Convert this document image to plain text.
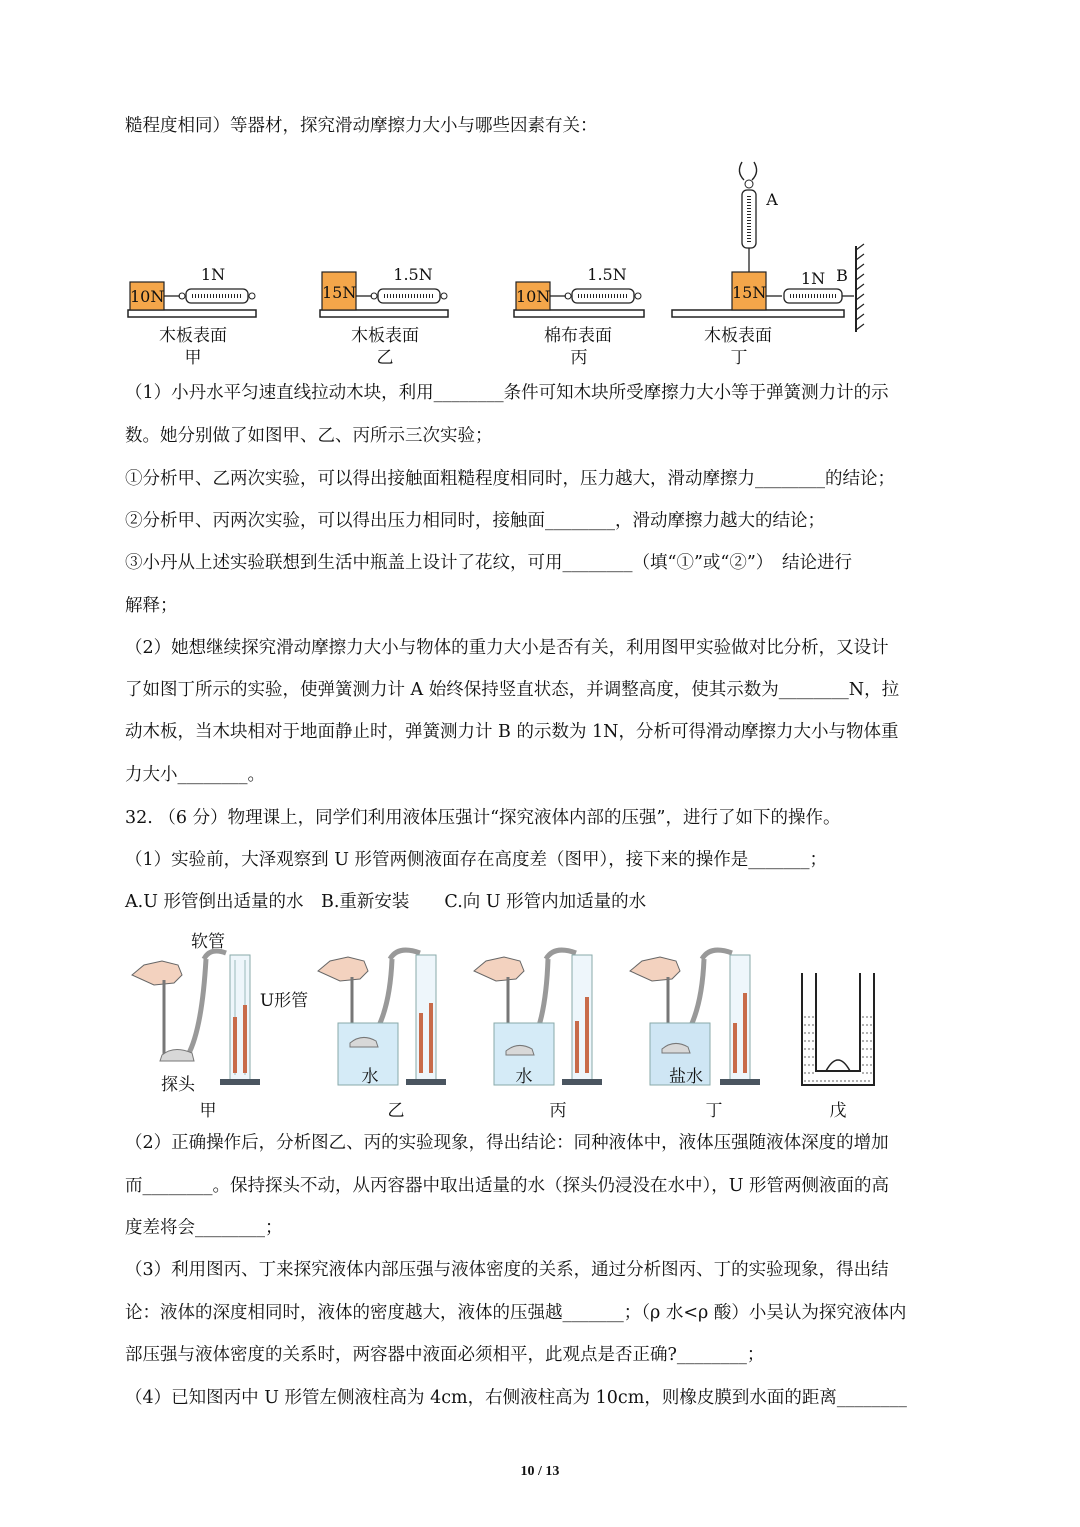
糙程度相同）等器材，探究滑动摩擦力大小与哪些因素有关：
10N
1N
木板表面
甲
15N
1.5N
木板表面
乙
10N
1.5N
棉布表面
丙
15N
1N
A
B
木板表面
丁
（1）小丹水平匀速直线拉动木块，利用________条件可知木块所受摩擦力大小等于弹簧测力计的示
数。她分别做了如图甲、乙、丙所示三次实验；
①分析甲、乙两次实验，可以得出接触面粗糙程度相同时，压力越大，滑动摩擦力________的结论；
②分析甲、丙两次实验，可以得出压力相同时，接触面________，滑动摩擦力越大的结论；
③小丹从上述实验联想到生活中瓶盖上设计了花纹，可用________（填“①”或“②”）　结论进行
解释；
（2）她想继续探究滑动摩擦力大小与物体的重力大小是否有关，利用图甲实验做对比分析，又设计
了如图丁所示的实验，使弹簧测力计 A 始终保持竖直状态，并调整高度，使其示数为________N，拉
动木板，当木块相对于地面静止时，弹簧测力计 B 的示数为 1N，分析可得滑动摩擦力大小与物体重
力大小________。
32. （6 分）物理课上，同学们利用液体压强计“探究液体内部的压强”，进行了如下的操作。
（1）实验前，大泽观察到 U 形管两侧液面存在高度差（图甲），接下来的操作是_______；
A.U 形管倒出适量的水　B.重新安装　　C.向 U 形管内加适量的水
软管
U形管
探头	水	水	盐水
甲	乙	丙	丁	戊
（2）正确操作后，分析图乙、丙的实验现象，得出结论：同种液体中，液体压强随液体深度的增加
而________。保持探头不动，从丙容器中取出适量的水（探头仍浸没在水中），U 形管两侧液面的高
度差将会________；
（3）利用图丙、丁来探究液体内部压强与液体密度的关系，通过分析图丙、丁的实验现象，得出结
论：液体的深度相同时，液体的密度越大，液体的压强越_______；（ρ 水<ρ 酸）小吴认为探究液体内
部压强与液体密度的关系时，两容器中液面必须相平，此观点是否正确?________；
（4）已知图丙中 U 形管左侧液柱高为 4cm，右侧液柱高为 10cm，则橡皮膜到水面的距离________
10 / 13
